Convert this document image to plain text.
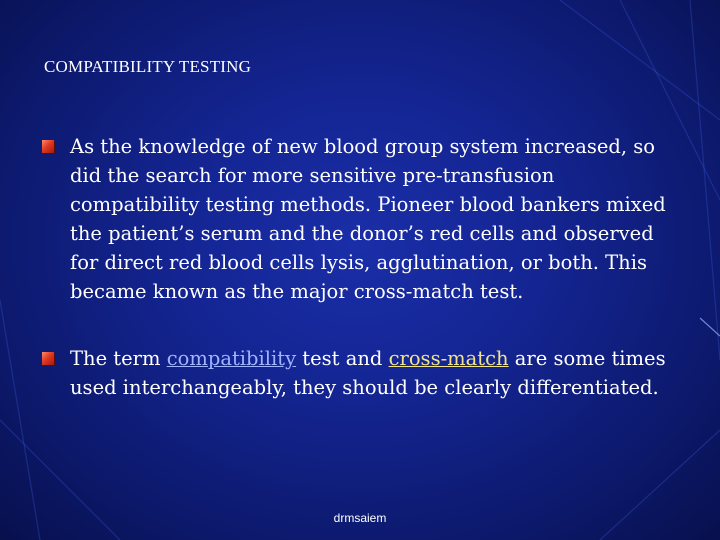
COMPATIBILITY TESTING
As the knowledge of new blood group system increased, so did the search for more sensitive pre-transfusion compatibility testing methods. Pioneer blood bankers mixed the patient’s serum and the donor’s red cells and observed for direct red blood cells lysis, agglutination, or both. This became known as the major cross-match test.
The term compatibility test and cross-match are some times used interchangeably, they should be clearly differentiated.
drmsaiem
